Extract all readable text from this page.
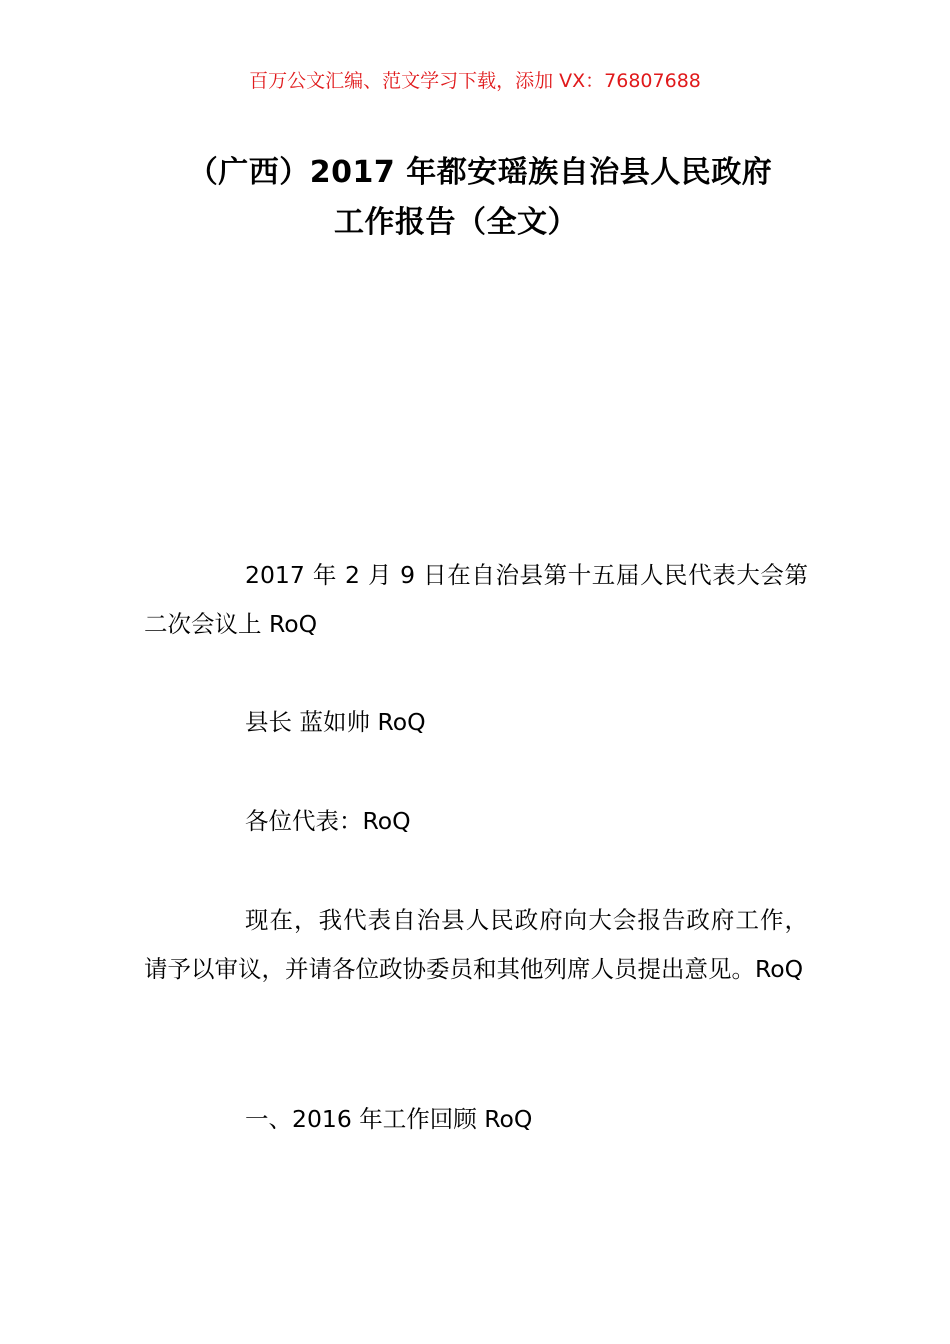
百万公文汇编、范文学习下载，添加 VX：76807688
（广西）2017 年都安瑶族自治县人民政府
工作报告（全文）

2017 年 2 月 9 日在自治县第十五届人民代表大会第二次会议上 RoQ

县长 蓝如帅 RoQ

各位代表：RoQ

现在，我代表自治县人民政府向大会报告政府工作，请予以审议，并请各位政协委员和其他列席人员提出意见。RoQ

一、2016 年工作回顾 RoQ
